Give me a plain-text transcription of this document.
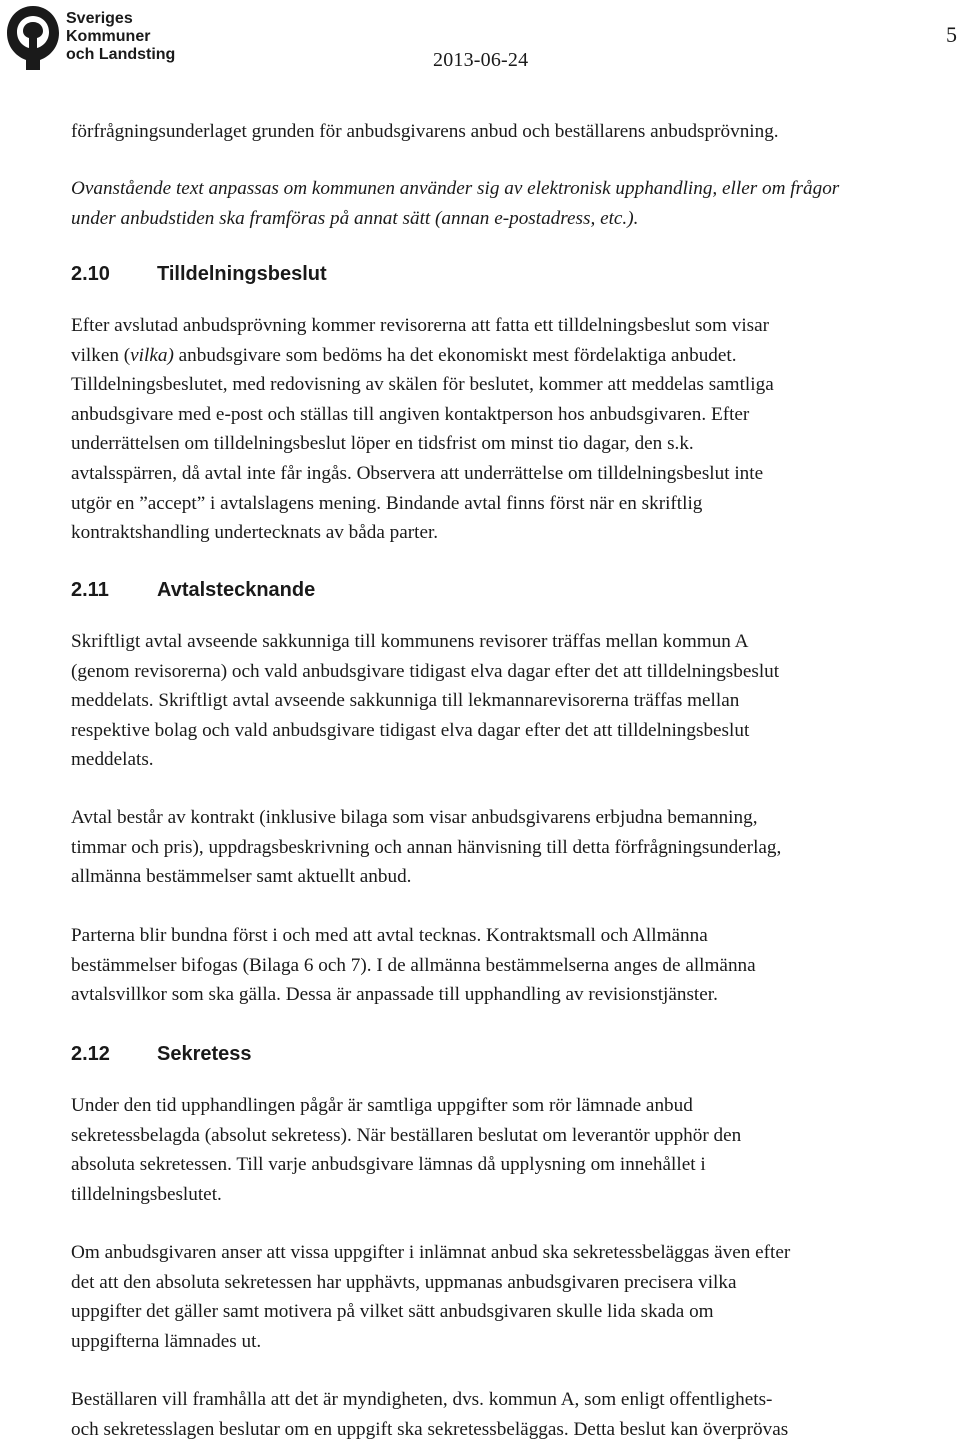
Sveriges
Kommuner
och Landsting	2013-06-24
5
förfrågningsunderlaget grunden för anbudsgivarens anbud och beställarens anbudsprövning.
Ovanstående text anpassas om kommunen använder sig av elektronisk upphandling, eller om frågor
under anbudstiden ska framföras på annat sätt (annan e-postadress, etc.).
2.10 Tilldelningsbeslut
Efter avslutad anbudsprövning kommer revisorerna att fatta ett tilldelningsbeslut som visar
vilken (vilka) anbudsgivare som bedöms ha det ekonomiskt mest fördelaktiga anbudet.
Tilldelningsbeslutet, med redovisning av skälen för beslutet, kommer att meddelas samtliga
anbudsgivare med e-post och ställas till angiven kontaktperson hos anbudsgivaren. Efter
underrättelsen om tilldelningsbeslut löper en tidsfrist om minst tio dagar, den s.k.
avtalsspärren, då avtal inte får ingås. Observera att underrättelse om tilldelningsbeslut inte
utgör en ”accept” i avtalslagens mening. Bindande avtal finns först när en skriftlig
kontraktshandling undertecknats av båda parter.
2.11 Avtalstecknande
Skriftligt avtal avseende sakkunniga till kommunens revisorer träffas mellan kommun A
(genom revisorerna) och vald anbudsgivare tidigast elva dagar efter det att tilldelningsbeslut
meddelats. Skriftligt avtal avseende sakkunniga till lekmannarevisorerna träffas mellan
respektive bolag och vald anbudsgivare tidigast elva dagar efter det att tilldelningsbeslut
meddelats.
Avtal består av kontrakt (inklusive bilaga som visar anbudsgivarens erbjudna bemanning,
timmar och pris), uppdragsbeskrivning och annan hänvisning till detta förfrågningsunderlag,
allmänna bestämmelser samt aktuellt anbud.
Parterna blir bundna först i och med att avtal tecknas. Kontraktsmall och Allmänna
bestämmelser bifogas (Bilaga 6 och 7). I de allmänna bestämmelserna anges de allmänna
avtalsvillkor som ska gälla. Dessa är anpassade till upphandling av revisionstjänster.
2.12 Sekretess
Under den tid upphandlingen pågår är samtliga uppgifter som rör lämnade anbud
sekretessbelagda (absolut sekretess). När beställaren beslutat om leverantör upphör den
absoluta sekretessen. Till varje anbudsgivare lämnas då upplysning om innehållet i
tilldelningsbeslutet.
Om anbudsgivaren anser att vissa uppgifter i inlämnat anbud ska sekretessbeläggas även efter
det att den absoluta sekretessen har upphävts, uppmanas anbudsgivaren precisera vilka
uppgifter det gäller samt motivera på vilket sätt anbudsgivaren skulle lida skada om
uppgifterna lämnades ut.
Beställaren vill framhålla att det är myndigheten, dvs. kommun A, som enligt offentlighets-
och sekretesslagen beslutar om en uppgift ska sekretessbeläggas. Detta beslut kan överprövas
